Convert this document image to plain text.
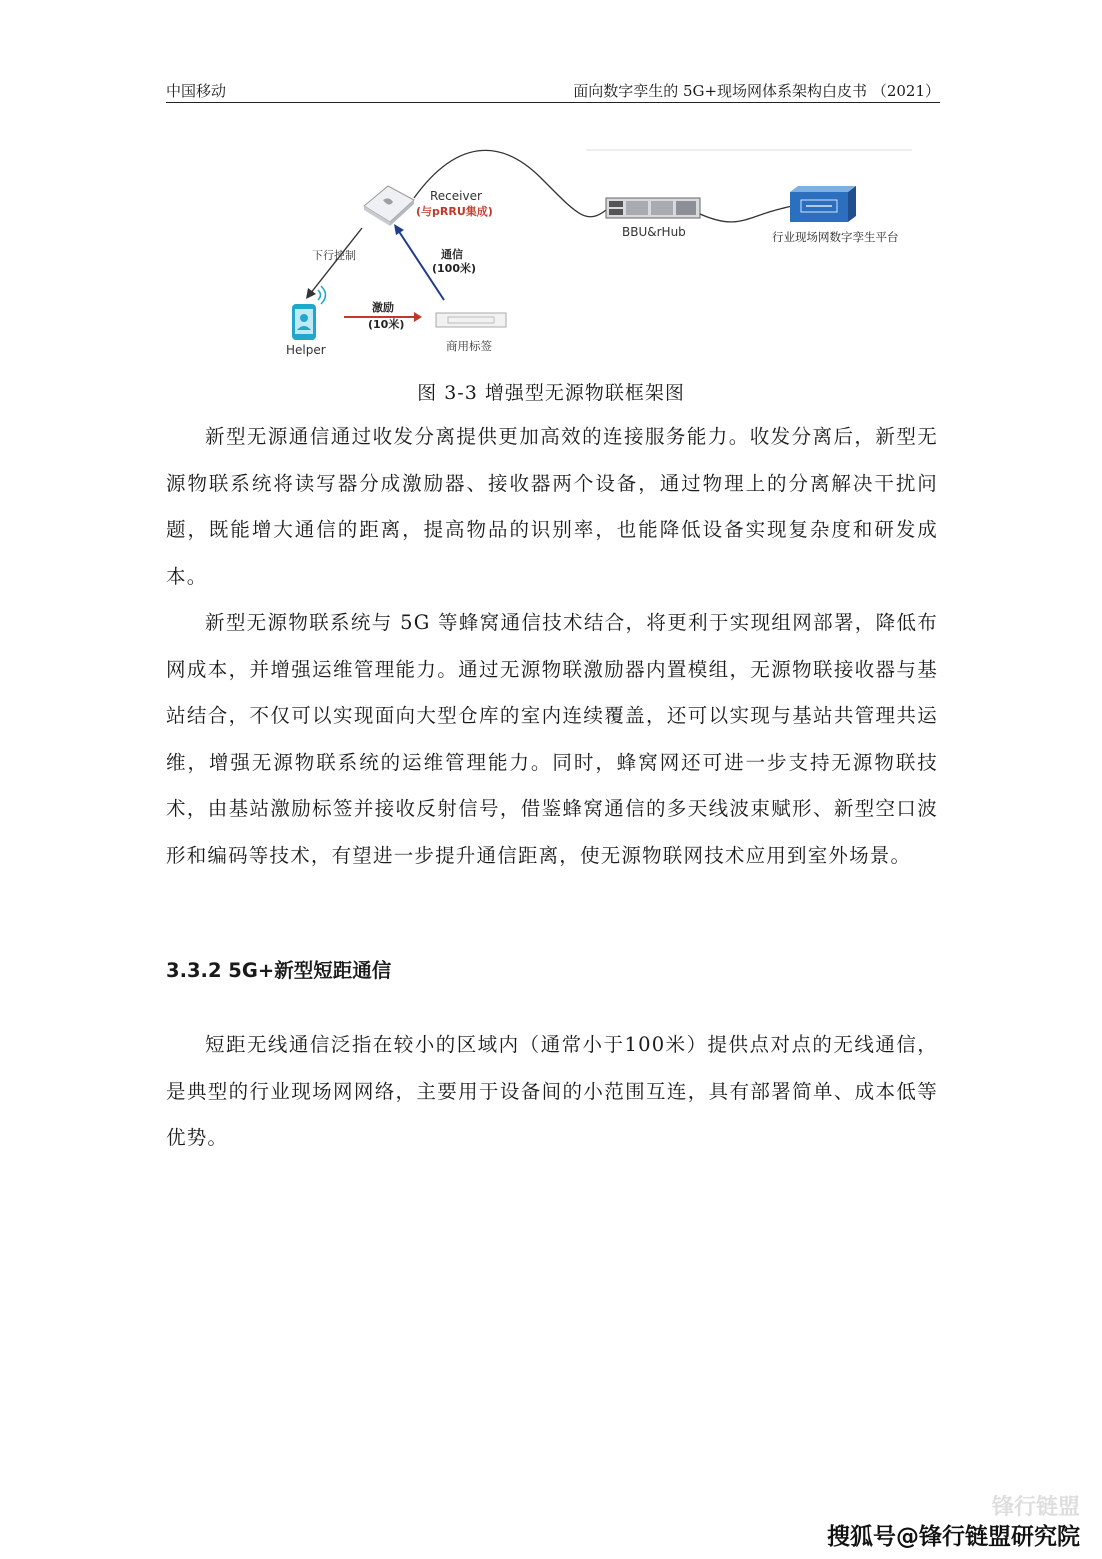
中国移动	面向数字孪生的 5G+现场网体系架构白皮书 （2021）
Receiver
(与pRRU集成)
BBU&rHub	行业现场网数字孪生平台
下行控制	通信
(100米)
Helper
激励
(10米)
商用标签
图 3-3 增强型无源物联框架图

新型无源通信通过收发分离提供更加高效的连接服务能力。收发分离后，新型无源物联系统将读写器分成激励器、接收器两个设备，通过物理上的分离解决干扰问题，既能增大通信的距离，提高物品的识别率，也能降低设备实现复杂度和研发成本。

新型无源物联系统与 5G 等蜂窝通信技术结合，将更利于实现组网部署，降低布网成本，并增强运维管理能力。通过无源物联激励器内置模组，无源物联接收器与基站结合，不仅可以实现面向大型仓库的室内连续覆盖，还可以实现与基站共管理共运维，增强无源物联系统的运维管理能力。同时，蜂窝网还可进一步支持无源物联技术，由基站激励标签并接收反射信号，借鉴蜂窝通信的多天线波束赋形、新型空口波形和编码等技术，有望进一步提升通信距离，使无源物联网技术应用到室外场景。

3.3.2 5G+新型短距通信

短距无线通信泛指在较小的区域内（通常小于100米）提供点对点的无线通信，是典型的行业现场网网络，主要用于设备间的小范围互连，具有部署简单、成本低等优势。

锋行链盟
搜狐号@锋行链盟研究院
